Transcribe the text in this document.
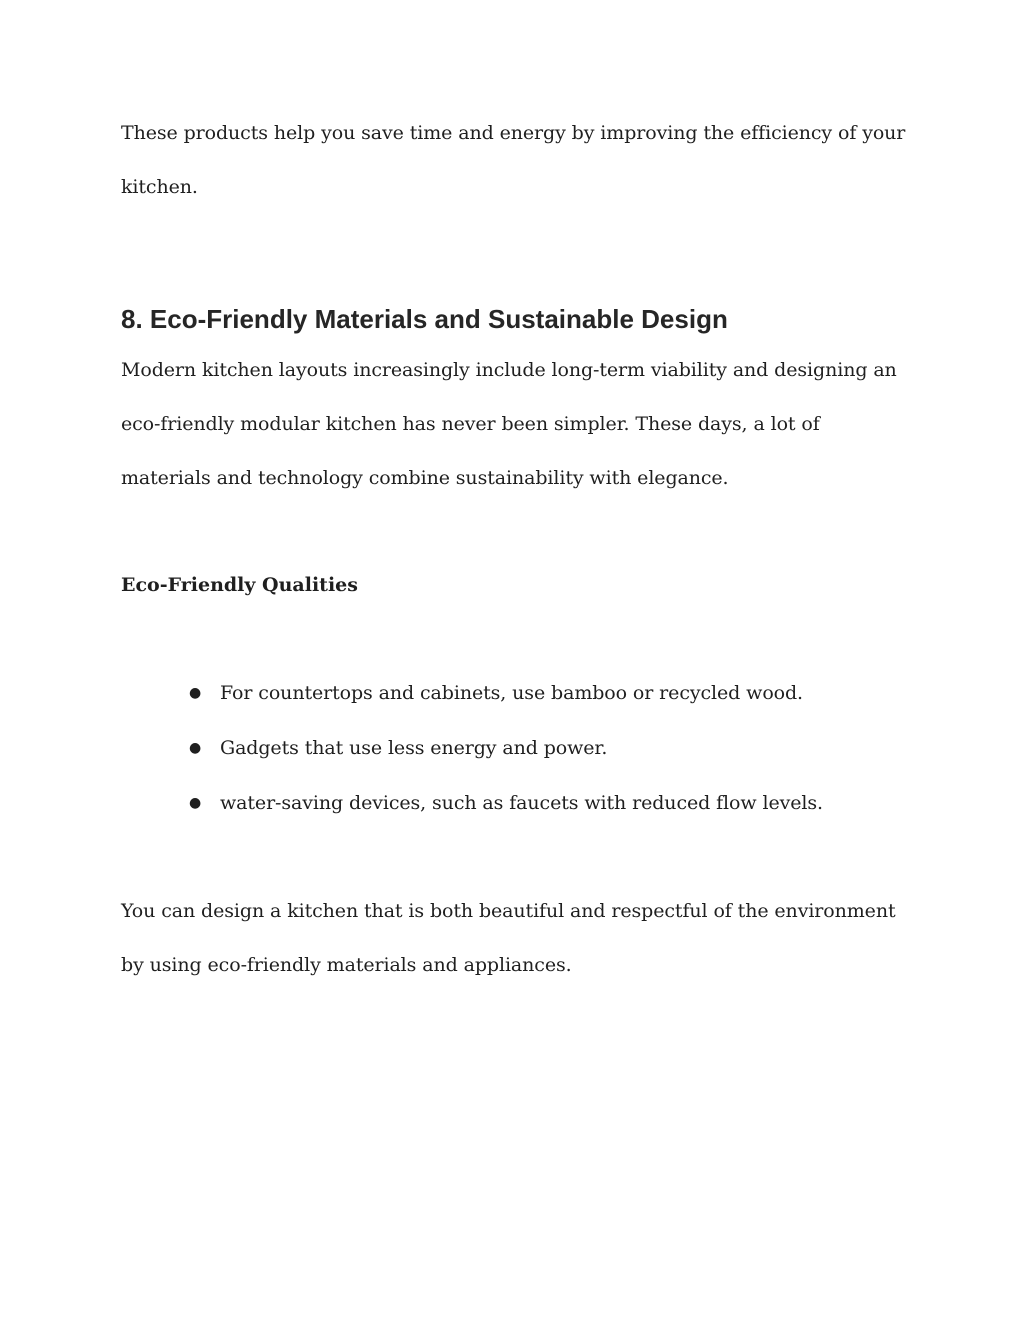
These products help you save time and energy by improving the efficiency of your kitchen.

8. Eco-Friendly Materials and Sustainable Design

Modern kitchen layouts increasingly include long-term viability and designing an eco-friendly modular kitchen has never been simpler. These days, a lot of materials and technology combine sustainability with elegance.

Eco-Friendly Qualities
● For countertops and cabinets, use bamboo or recycled wood.
● Gadgets that use less energy and power.
● water-saving devices, such as faucets with reduced flow levels.

You can design a kitchen that is both beautiful and respectful of the environment by using eco-friendly materials and appliances.
